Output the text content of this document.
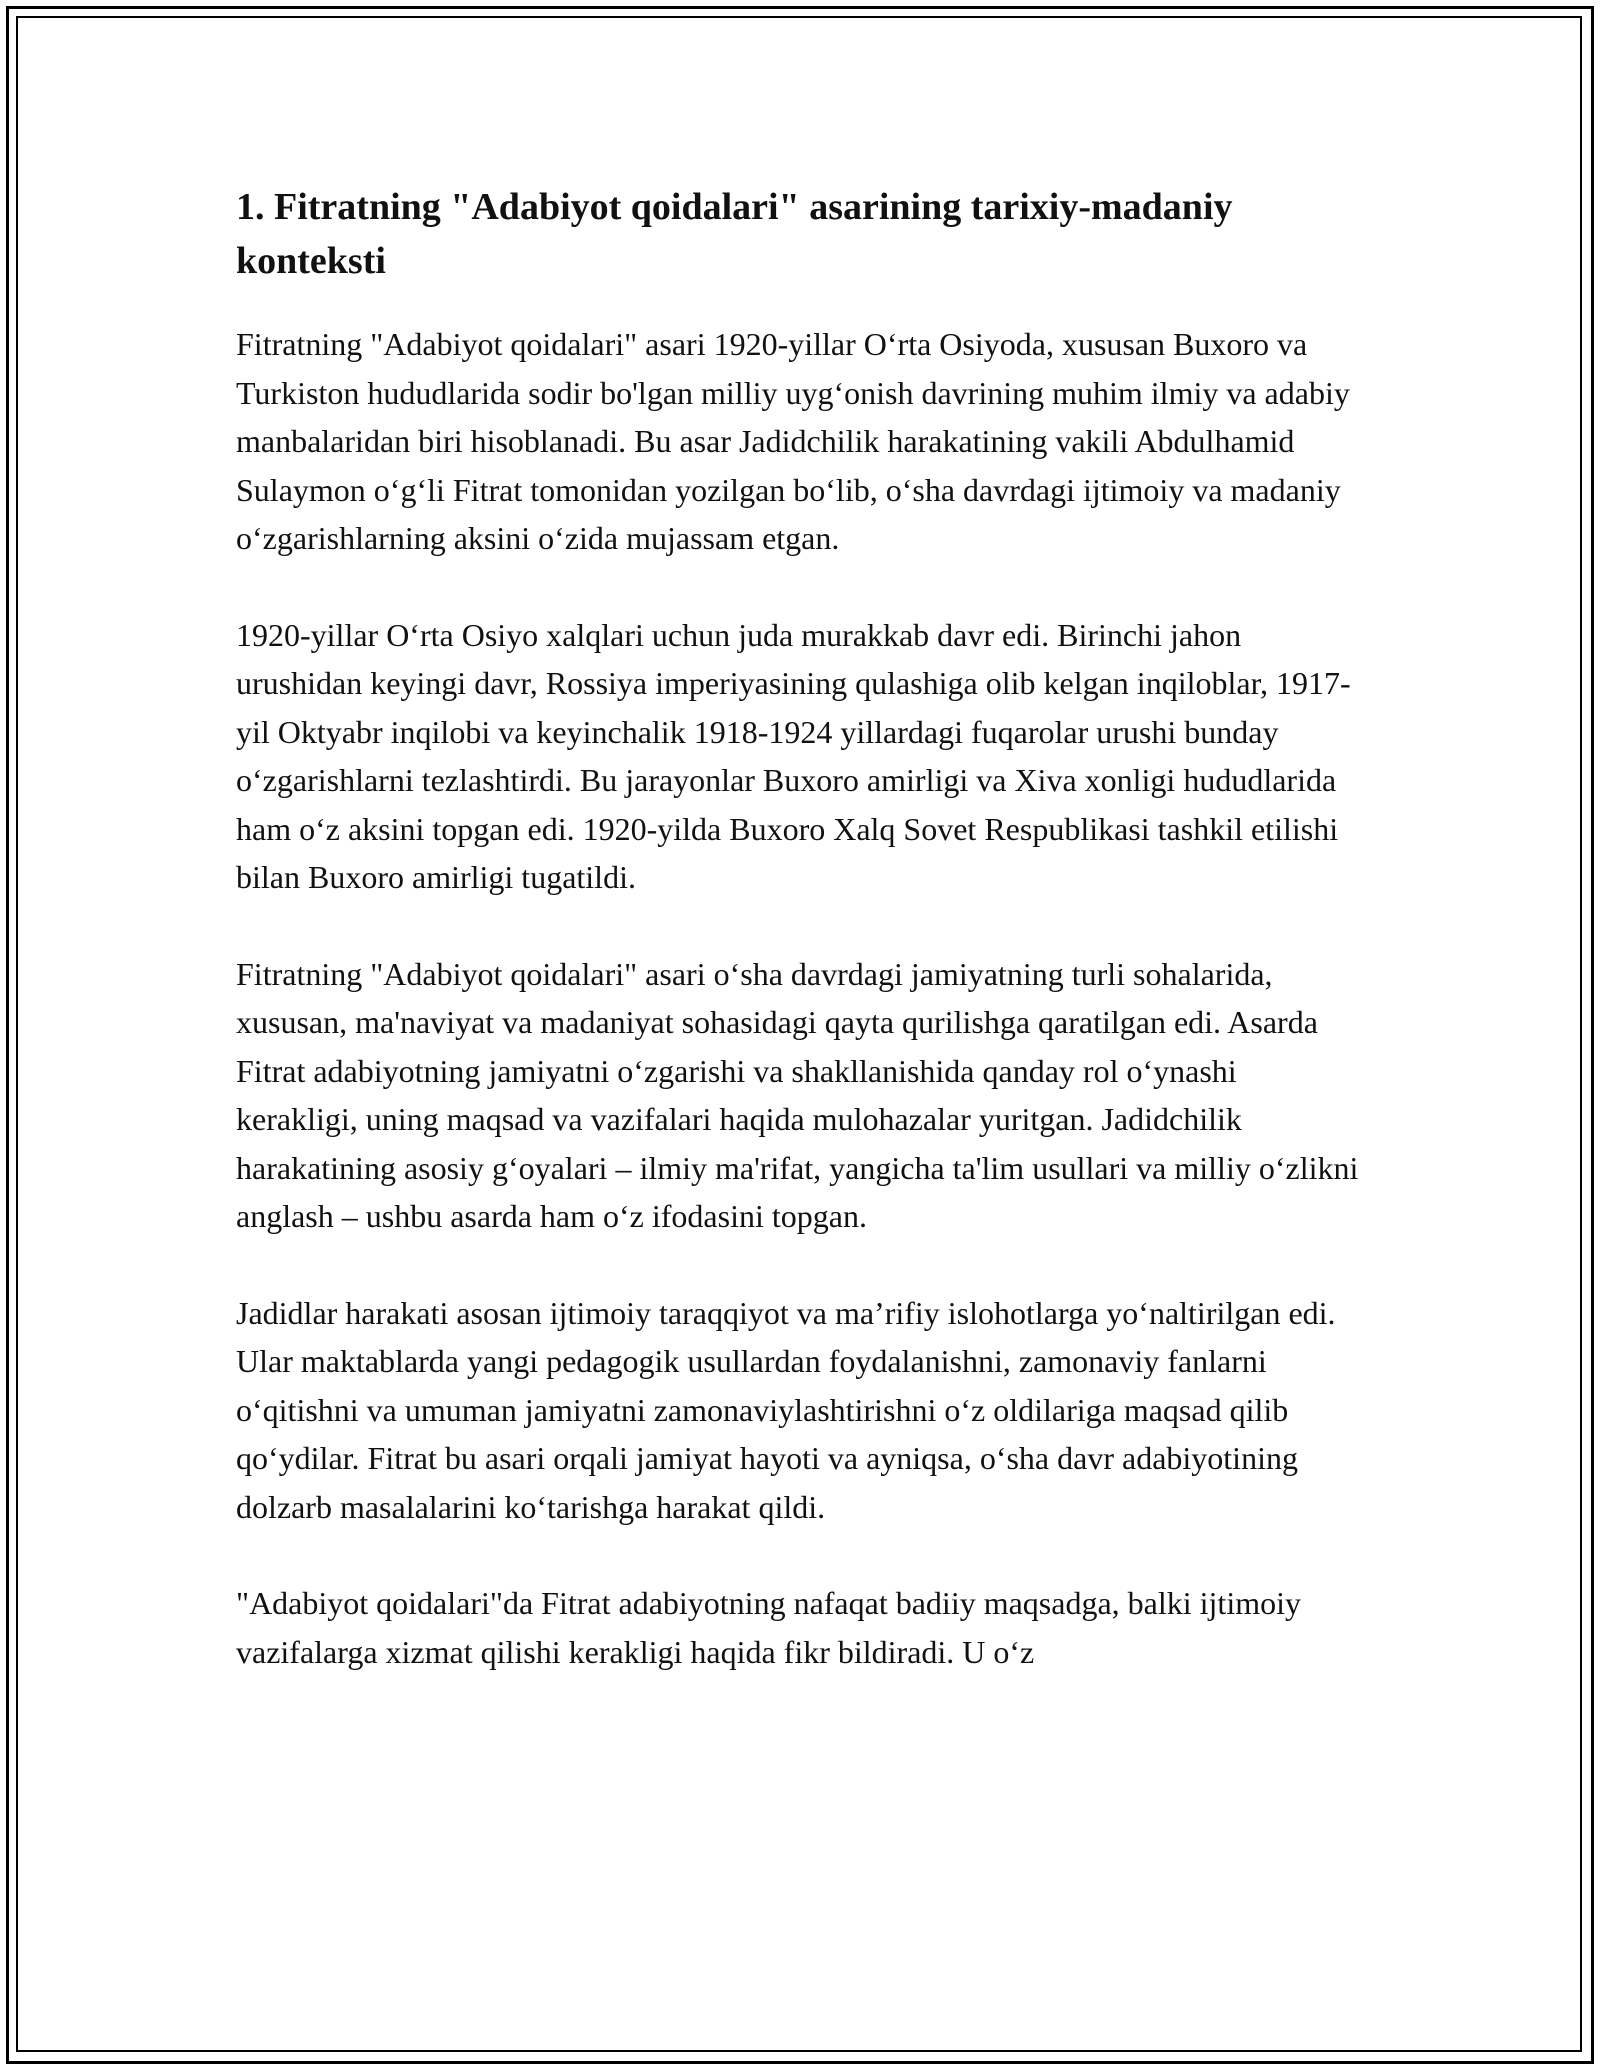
1. Fitratning "Adabiyot qoidalari" asarining tarixiy-madaniy konteksti

Fitratning "Adabiyot qoidalari" asari 1920-yillar O‘rta Osiyoda, xususan Buxoro va Turkiston hududlarida sodir bo'lgan milliy uyg‘onish davrining muhim ilmiy va adabiy manbalaridan biri hisoblanadi. Bu asar Jadidchilik harakatining vakili Abdulhamid Sulaymon o‘g‘li Fitrat tomonidan yozilgan bo‘lib, o‘sha davrdagi ijtimoiy va madaniy o‘zgarishlarning aksini o‘zida mujassam etgan.

1920-yillar O‘rta Osiyo xalqlari uchun juda murakkab davr edi. Birinchi jahon urushidan keyingi davr, Rossiya imperiyasining qulashiga olib kelgan inqiloblar, 1917-yil Oktyabr inqilobi va keyinchalik 1918-1924 yillardagi fuqarolar urushi bunday o‘zgarishlarni tezlashtirdi. Bu jarayonlar Buxoro amirligi va Xiva xonligi hududlarida ham o‘z aksini topgan edi. 1920-yilda Buxoro Xalq Sovet Respublikasi tashkil etilishi bilan Buxoro amirligi tugatildi.

Fitratning "Adabiyot qoidalari" asari o‘sha davrdagi jamiyatning turli sohalarida, xususan, ma'naviyat va madaniyat sohasidagi qayta qurilishga qaratilgan edi. Asarda Fitrat adabiyotning jamiyatni o‘zgarishi va shakllanishida qanday rol o‘ynashi kerakligi, uning maqsad va vazifalari haqida mulohazalar yuritgan. Jadidchilik harakatining asosiy g‘oyalari – ilmiy ma'rifat, yangicha ta'lim usullari va milliy o‘zlikni anglash – ushbu asarda ham o‘z ifodasini topgan.

Jadidlar harakati asosan ijtimoiy taraqqiyot va ma’rifiy islohotlarga yo‘naltirilgan edi. Ular maktablarda yangi pedagogik usullardan foydalanishni, zamonaviy fanlarni o‘qitishni va umuman jamiyatni zamonaviylashtirishni o‘z oldilariga maqsad qilib qo‘ydilar. Fitrat bu asari orqali jamiyat hayoti va ayniqsa, o‘sha davr adabiyotining dolzarb masalalarini ko‘tarishga harakat qildi.

"Adabiyot qoidalari"da Fitrat adabiyotning nafaqat badiiy maqsadga, balki ijtimoiy vazifalarga xizmat qilishi kerakligi haqida fikr bildiradi. U o‘z
